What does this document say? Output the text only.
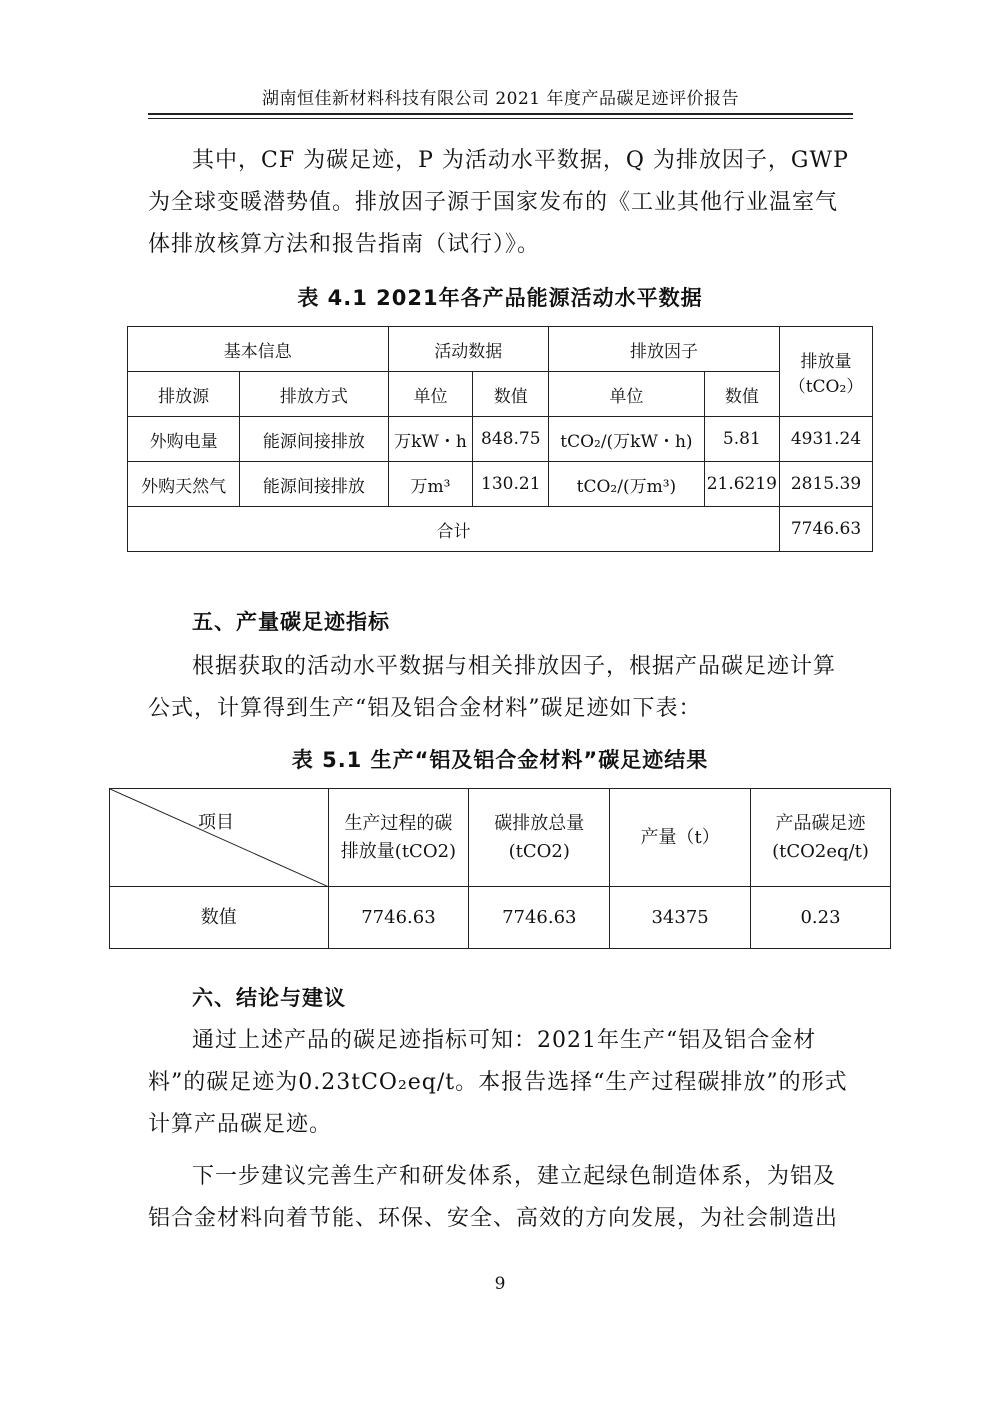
湖南恒佳新材料科技有限公司 2021 年度产品碳足迹评价报告

其中，CF 为碳足迹，P 为活动水平数据，Q 为排放因子，GWP 为全球变暖潜势值。排放因子源于国家发布的《工业其他行业温室气体排放核算方法和报告指南（试行）》。

表 4.1 2021年各产品能源活动水平数据
基本信息		活动数据		排放因子		排放量（tCO₂）
排放源	排放方式	单位	数值	单位	数值	
外购电量	能源间接排放	万kW・h	848.75	tCO₂/(万kW・h)	5.81	4931.24
外购天然气	能源间接排放	万m³	130.21	tCO₂/(万m³)	21.6219	2815.39
合计						7746.63
五、产量碳足迹指标

根据获取的活动水平数据与相关排放因子，根据产品碳足迹计算公式，计算得到生产“铝及铝合金材料”碳足迹如下表：

表 5.1 生产“铝及铝合金材料”碳足迹结果
项目	生产过程的碳排放量(tCO2)	碳排放总量(tCO2)	产量（t）	产品碳足迹(tCO2eq/t)
数值	7746.63	7746.63	34375	0.23
六、结论与建议

通过上述产品的碳足迹指标可知：2021年生产“铝及铝合金材料”的碳足迹为0.23tCO₂eq/t。本报告选择“生产过程碳排放”的形式计算产品碳足迹。

下一步建议完善生产和研发体系，建立起绿色制造体系，为铝及铝合金材料向着节能、环保、安全、高效的方向发展，为社会制造出

9
